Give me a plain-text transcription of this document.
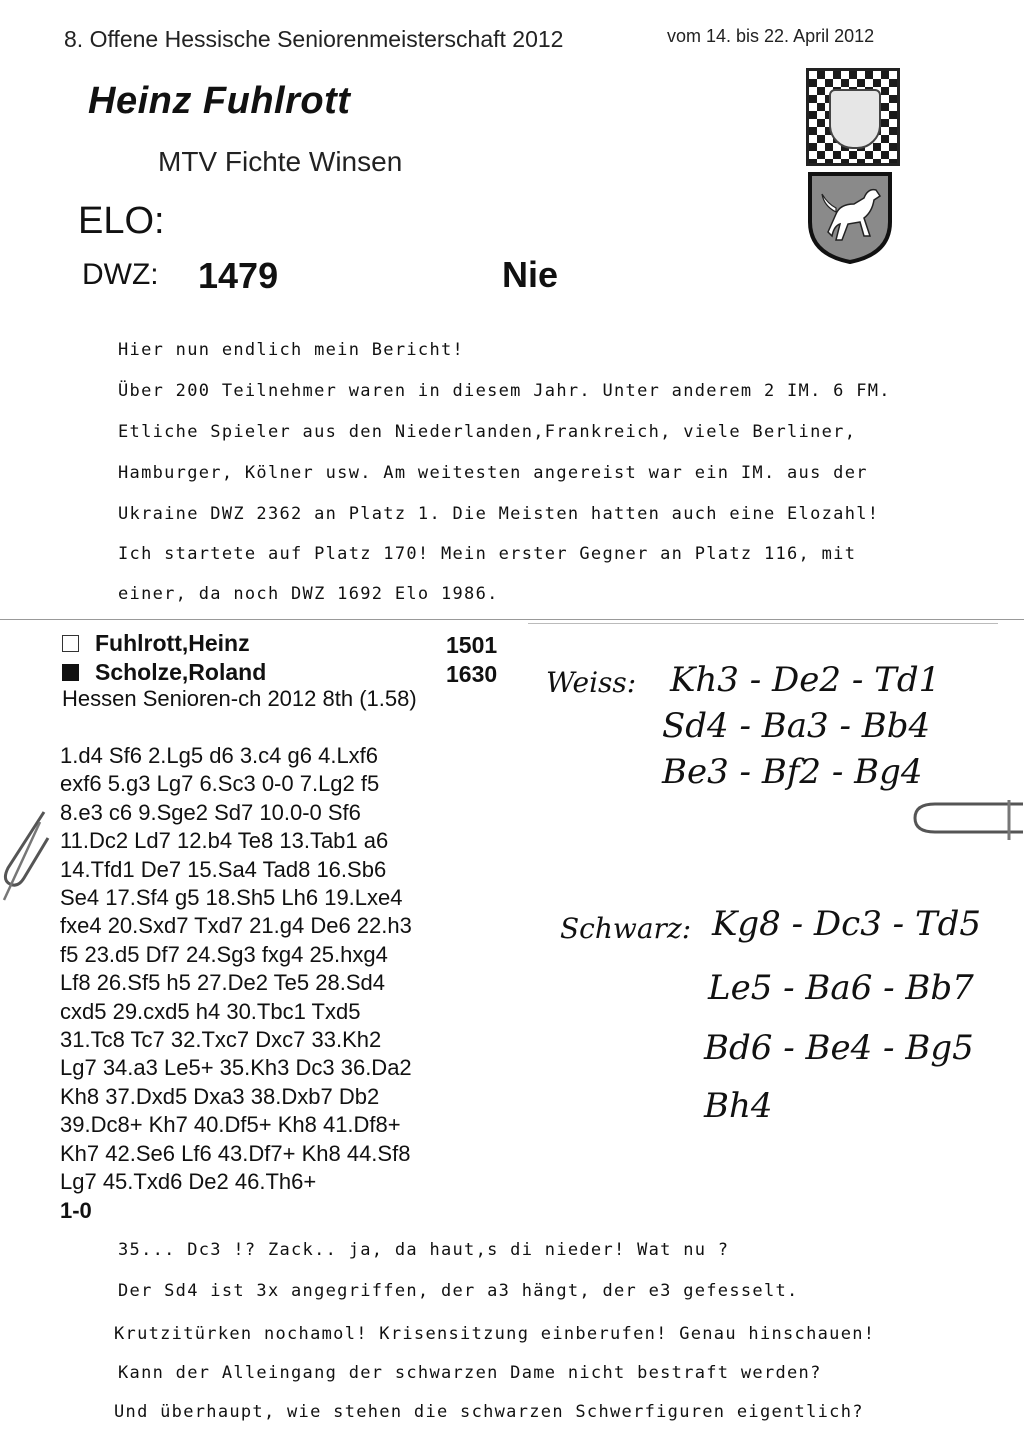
8. Offene Hessische Seniorenmeisterschaft 2012	vom 14. bis 22. April 2012
Heinz Fuhlrott
MTV Fichte Winsen
ELO:
DWZ: 1479	Nie
Hier nun endlich mein Bericht!
Über 200 Teilnehmer waren in diesem Jahr. Unter anderem 2 IM. 6 FM.
Etliche Spieler aus den Niederlanden,Frankreich, viele Berliner,
Hamburger, Kölner usw. Am weitesten angereist war ein IM. aus der
Ukraine DWZ 2362 an Platz 1. Die Meisten hatten auch eine Elozahl!
Ich startete auf Platz 170! Mein erster Gegner an Platz 116, mit
einer, da noch DWZ 1692 Elo 1986.
Fuhlrott,Heinz	1501
Scholze,Roland	1630
Hessen Senioren-ch 2012 8th (1.58)
1.d4 Sf6 2.Lg5 d6 3.c4 g6 4.Lxf6
exf6 5.g3 Lg7 6.Sc3 0-0 7.Lg2 f5
8.e3 c6 9.Sge2 Sd7 10.0-0 Sf6
11.Dc2 Ld7 12.b4 Te8 13.Tab1 a6
14.Tfd1 De7 15.Sa4 Tad8 16.Sb6
Se4 17.Sf4 g5 18.Sh5 Lh6 19.Lxe4
fxe4 20.Sxd7 Txd7 21.g4 De6 22.h3
f5 23.d5 Df7 24.Sg3 fxg4 25.hxg4
Lf8 26.Sf5 h5 27.De2 Te5 28.Sd4
cxd5 29.cxd5 h4 30.Tbc1 Txd5
31.Tc8 Tc7 32.Txc7 Dxc7 33.Kh2
Lg7 34.a3 Le5+ 35.Kh3 Dc3 36.Da2
Kh8 37.Dxd5 Dxa3 38.Dxb7 Db2
39.Dc8+ Kh7 40.Df5+ Kh8 41.Df8+
Kh7 42.Se6 Lf6 43.Df7+ Kh8 44.Sf8
Lg7 45.Txd6 De2 46.Th6+
1-0
Weiss: Kh3 - De2 - Td1
Sd4 - Ba3 - Bb4
Be3 - Bf2 - Bg4
Schwarz: Kg8 - Dc3 - Td5
Le5 - Ba6 - Bb7
Bd6 - Be4 - Bg5
Bh4
35... Dc3 !? Zack.. ja, da haut,s di nieder! Wat nu ?
Der Sd4 ist 3x angegriffen, der a3 hängt, der e3 gefesselt.
Krutzitürken nochamol! Krisensitzung einberufen! Genau hinschauen!
Kann der Alleingang der schwarzen Dame nicht bestraft werden?
Und überhaupt, wie stehen die schwarzen Schwerfiguren eigentlich?
